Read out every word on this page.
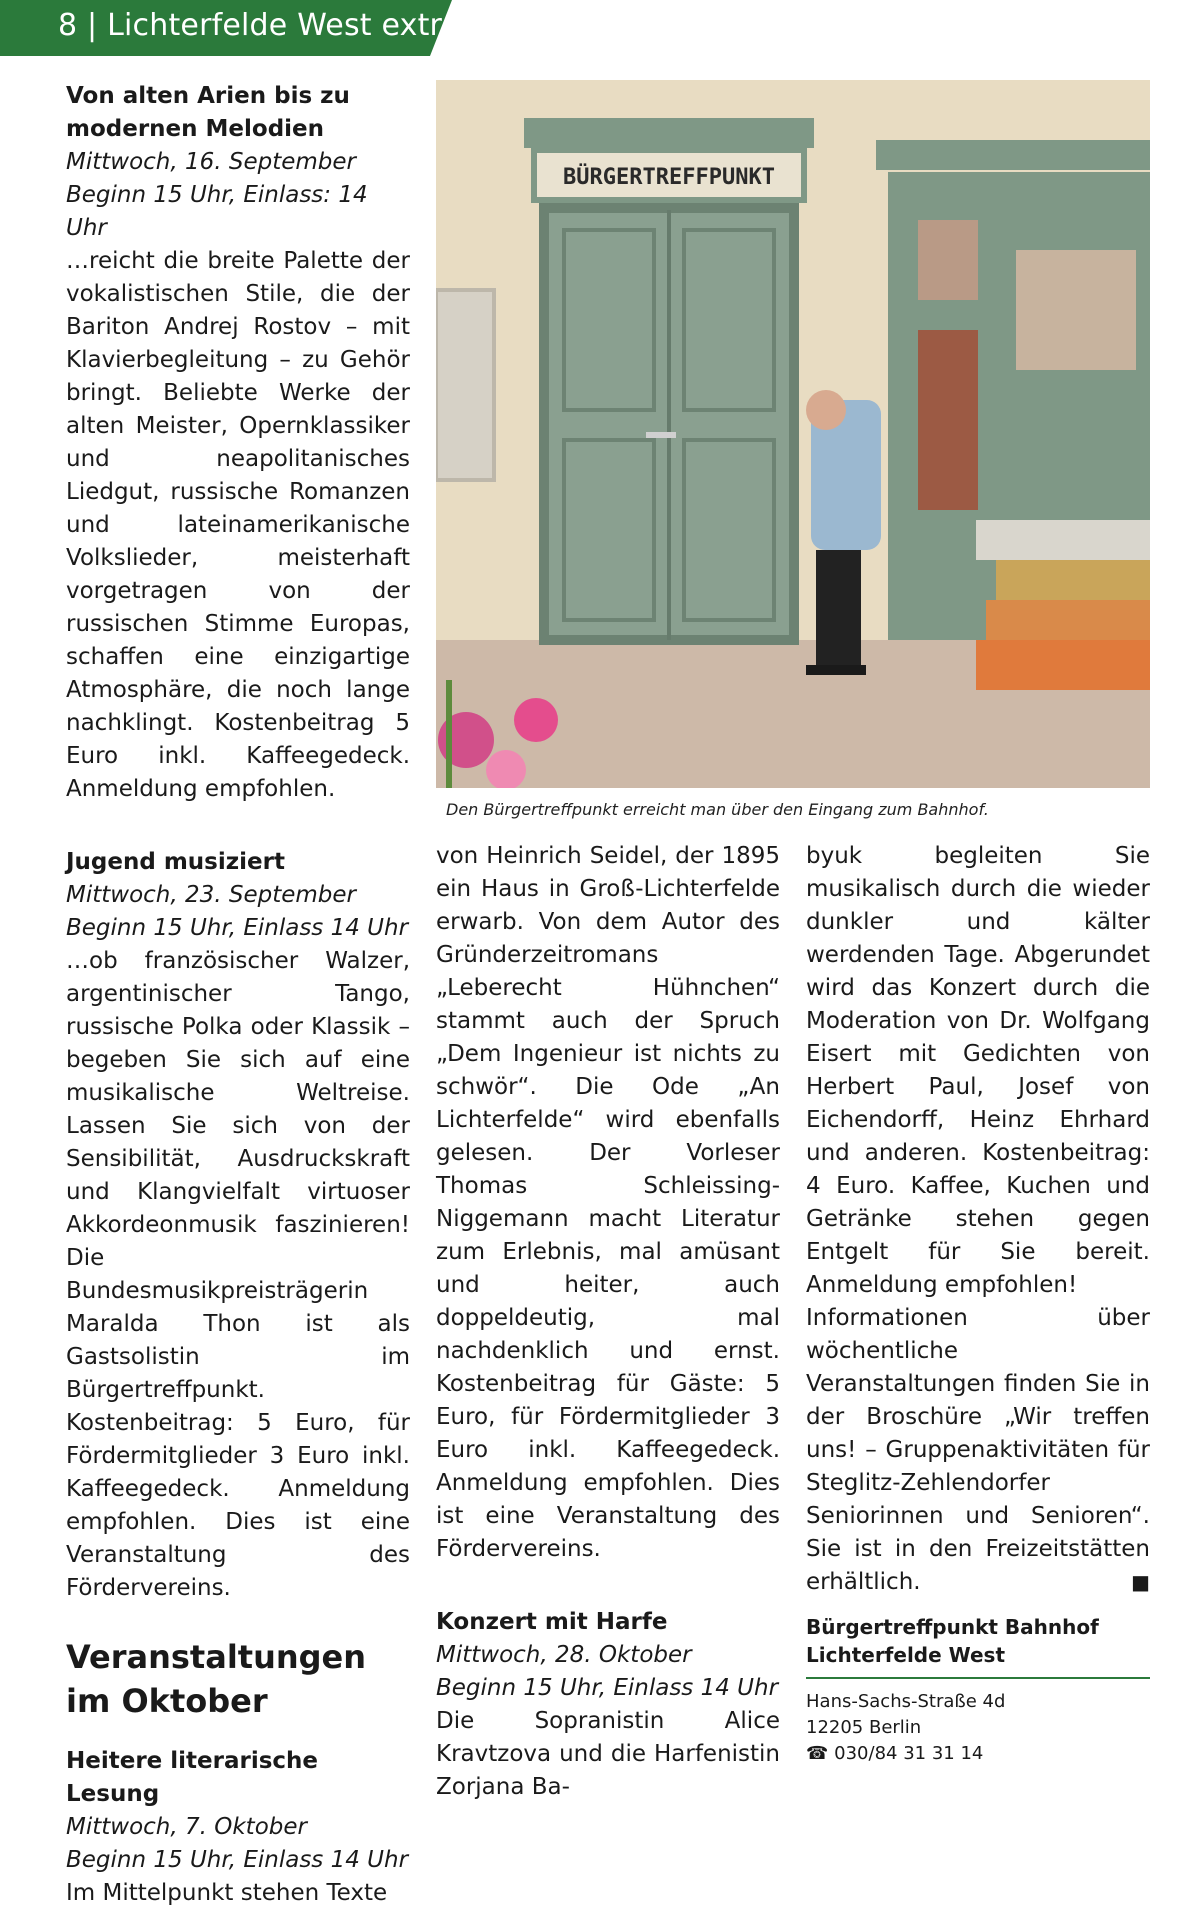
8 | Lichterfelde West extra
Von alten Arien bis zu modernen Melodien
Mittwoch, 16. September
Beginn 15 Uhr, Einlass: 14 Uhr

…reicht die breite Palette der vokalistischen Stile, die der Bariton Andrej Rostov – mit Klavierbegleitung – zu Gehör bringt. Beliebte Werke der alten Meister, Opernklassiker und neapolitanisches Liedgut, russische Romanzen und lateinamerikanische Volkslieder, meisterhaft vorgetragen von der russischen Stimme Europas, schaffen eine einzigartige Atmosphäre, die noch lange nachklingt. Kostenbeitrag 5 Euro inkl. Kaffeegedeck. Anmeldung empfohlen.

Jugend musiziert
Mittwoch, 23. September
Beginn 15 Uhr, Einlass 14 Uhr

…ob französischer Walzer, argentinischer Tango, russische Polka oder Klassik – begeben Sie sich auf eine musikalische Weltreise. Lassen Sie sich von der Sensibilität, Ausdruckskraft und Klangvielfalt virtuoser Akkordeonmusik faszinieren! Die Bundesmusikpreisträgerin Maralda Thon ist als Gastsolistin im Bürgertreffpunkt. Kostenbeitrag: 5 Euro, für Fördermitglieder 3 Euro inkl. Kaffeegedeck. Anmeldung empfohlen. Dies ist eine Veranstaltung des Fördervereins.

Veranstaltungen im Oktober
Heitere literarische Lesung
Mittwoch, 7. Oktober
Beginn 15 Uhr, Einlass 14 Uhr

Im Mittelpunkt stehen Texte

BÜRGERTREFFPUNKT
Den Bürgertreffpunkt erreicht man über den Eingang zum Bahnhof.

von Heinrich Seidel, der 1895 ein Haus in Groß-Lichterfelde erwarb. Von dem Autor des Gründerzeitromans „Leberecht Hühnchen“ stammt auch der Spruch „Dem Ingenieur ist nichts zu schwör“. Die Ode „An Lichterfelde“ wird ebenfalls gelesen. Der Vorleser Thomas Schleissing-Niggemann macht Literatur zum Erlebnis, mal amüsant und heiter, auch doppeldeutig, mal nachdenklich und ernst. Kostenbeitrag für Gäste: 5 Euro, für Fördermitglieder 3 Euro inkl. Kaffeegedeck. Anmeldung empfohlen. Dies ist eine Veranstaltung des Fördervereins.

Konzert mit Harfe
Mittwoch, 28. Oktober
Beginn 15 Uhr, Einlass 14 Uhr

Die Sopranistin Alice Kravtzova und die Harfenistin Zorjana Ba-

byuk begleiten Sie musikalisch durch die wieder dunkler und kälter werdenden Tage. Abgerundet wird das Konzert durch die Moderation von Dr. Wolfgang Eisert mit Gedichten von Herbert Paul, Josef von Eichendorff, Heinz Ehrhard und anderen. Kostenbeitrag: 4 Euro. Kaffee, Kuchen und Getränke stehen gegen Entgelt für Sie bereit. Anmeldung empfohlen!

Informationen über wöchentliche Veranstaltungen finden Sie in der Broschüre „Wir treffen uns! – Gruppenaktivitäten für Steglitz-Zehlendorfer Seniorinnen und Senioren“. Sie ist in den Freizeitstätten erhältlich.	■

Bürgertreffpunkt Bahnhof
Lichterfelde West
Hans-Sachs-Straße 4d
12205 Berlin
☎ 030/84 31 31 14
